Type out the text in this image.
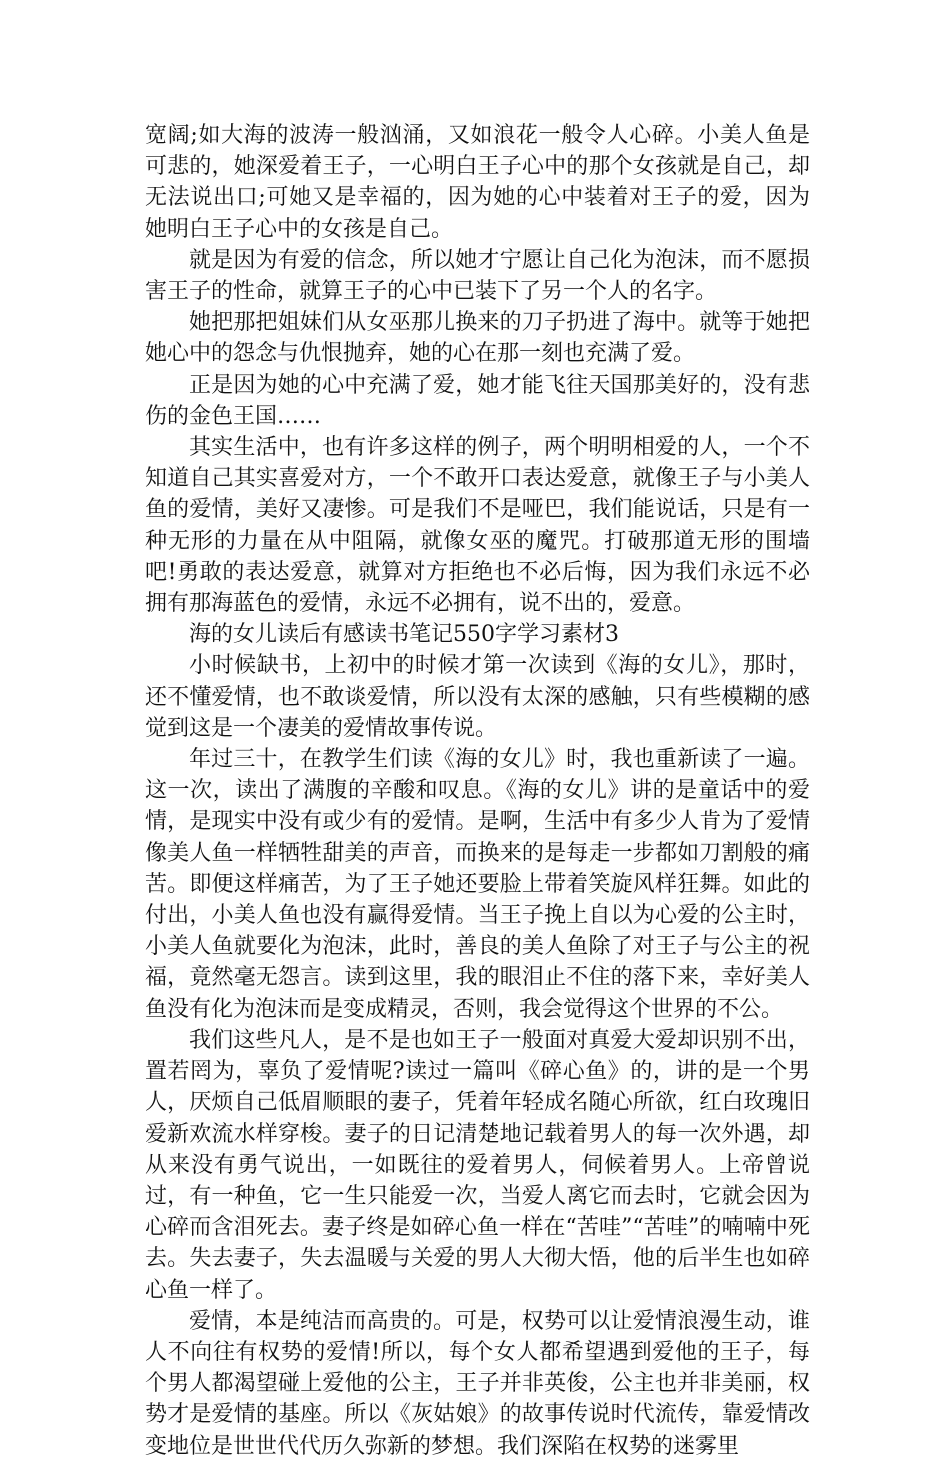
宽阔;如大海的波涛一般汹涌，又如浪花一般令人心碎。小美人鱼是可悲的，她深爱着王子，一心明白王子心中的那个女孩就是自己，却无法说出口;可她又是幸福的，因为她的心中装着对王子的爱，因为她明白王子心中的女孩是自己。

就是因为有爱的信念，所以她才宁愿让自己化为泡沫，而不愿损害王子的性命，就算王子的心中已装下了另一个人的名字。

她把那把姐妹们从女巫那儿换来的刀子扔进了海中。就等于她把她心中的怨念与仇恨抛弃，她的心在那一刻也充满了爱。

正是因为她的心中充满了爱，她才能飞往天国那美好的，没有悲伤的金色王国……

其实生活中，也有许多这样的例子，两个明明相爱的人，一个不知道自己其实喜爱对方，一个不敢开口表达爱意，就像王子与小美人鱼的爱情，美好又凄惨。可是我们不是哑巴，我们能说话，只是有一种无形的力量在从中阻隔，就像女巫的魔咒。打破那道无形的围墙吧!勇敢的表达爱意，就算对方拒绝也不必后悔，因为我们永远不必拥有那海蓝色的爱情，永远不必拥有，说不出的，爱意。

海的女儿读后有感读书笔记550字学习素材3

小时候缺书，上初中的时候才第一次读到《海的女儿》，那时，还不懂爱情，也不敢谈爱情，所以没有太深的感触，只有些模糊的感觉到这是一个凄美的爱情故事传说。

年过三十，在教学生们读《海的女儿》时，我也重新读了一遍。这一次，读出了满腹的辛酸和叹息。《海的女儿》讲的是童话中的爱情，是现实中没有或少有的爱情。是啊，生活中有多少人肯为了爱情像美人鱼一样牺牲甜美的声音，而换来的是每走一步都如刀割般的痛苦。即便这样痛苦，为了王子她还要脸上带着笑旋风样狂舞。如此的付出，小美人鱼也没有赢得爱情。当王子挽上自以为心爱的公主时，小美人鱼就要化为泡沫，此时，善良的美人鱼除了对王子与公主的祝福，竟然毫无怨言。读到这里，我的眼泪止不住的落下来，幸好美人鱼没有化为泡沫而是变成精灵，否则，我会觉得这个世界的不公。

我们这些凡人，是不是也如王子一般面对真爱大爱却识别不出，置若罔为，辜负了爱情呢?读过一篇叫《碎心鱼》的，讲的是一个男人，厌烦自己低眉顺眼的妻子，凭着年轻成名随心所欲，红白玫瑰旧爱新欢流水样穿梭。妻子的日记清楚地记载着男人的每一次外遇，却从来没有勇气说出，一如既往的爱着男人，伺候着男人。上帝曾说过，有一种鱼，它一生只能爱一次，当爱人离它而去时，它就会因为心碎而含泪死去。妻子终是如碎心鱼一样在“苦哇”“苦哇”的喃喃中死去。失去妻子，失去温暖与关爱的男人大彻大悟，他的后半生也如碎心鱼一样了。

爱情，本是纯洁而高贵的。可是，权势可以让爱情浪漫生动，谁人不向往有权势的爱情!所以，每个女人都希望遇到爱他的王子，每个男人都渴望碰上爱他的公主，王子并非英俊，公主也并非美丽，权势才是爱情的基座。所以《灰姑娘》的故事传说时代流传，靠爱情改变地位是世世代代历久弥新的梦想。我们深陷在权势的迷雾里
